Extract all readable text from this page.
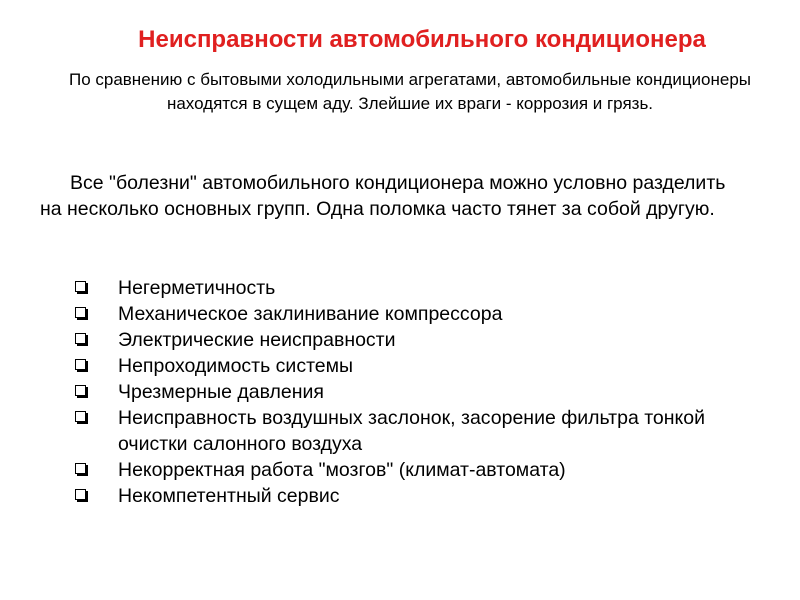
Неисправности автомобильного кондиционера

По сравнению с бытовыми холодильными агрегатами, автомобильные кондиционеры находятся в сущем аду. Злейшие их враги - коррозия и грязь.

Все "болезни" автомобильного кондиционера можно условно разделить на несколько основных групп. Одна поломка часто тянет за собой другую.

Негерметичность
Механическое заклинивание компрессора
Электрические неисправности
Непроходимость системы
Чрезмерные давления
Неисправность воздушных заслонок, засорение фильтра тонкой очистки салонного воздуха
Некорректная работа "мозгов" (климат-автомата)
Некомпетентный сервис
